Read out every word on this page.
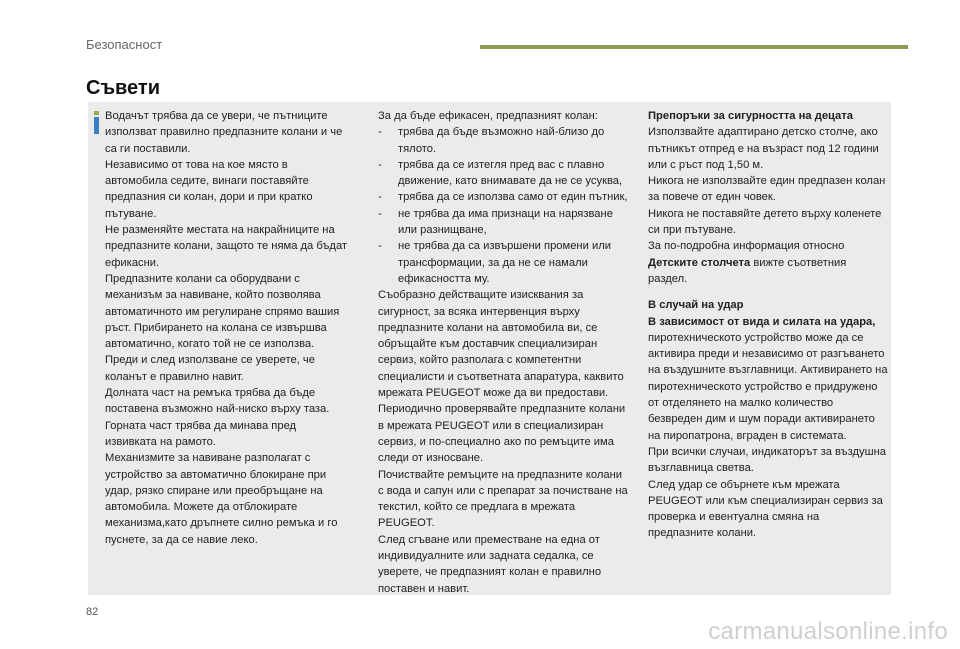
Безопасност
Съвети

Водачът трябва да се увери, че пътниците използват правилно предпазните колани и че са ги поставили.

Независимо от това на кое място в автомобила седите, винаги поставяйте предпазния си колан, дори и при кратко пътуване.

Не разменяйте местата на накрайниците на предпазните колани, защото те няма да бъдат ефикасни.

Предпазните колани са оборудвани с механизъм за навиване, който позволява автоматичното им регулиране спрямо вашия ръст. Прибирането на колана се извършва автоматично, когато той не се използва.

Преди и след използване се уверете, че коланът е правилно навит.

Долната част на ремъка трябва да бъде поставена възможно най-ниско върху таза.

Горната част трябва да минава пред извивката на рамото.

Механизмите за навиване разполагат с устройство за автоматично блокиране при удар, рязко спиране или преобръщане на автомобила. Можете да отблокирате механизма,като дръпнете силно ремъка и го пуснете, за да се навие леко.

За да бъде ефикасен, предпазният колан:

-	трябва да бъде възможно най-близо до тялото.
-	трябва да се изтегля пред вас с плавно движение, като внимавате да не се усуква,
-	трябва да се използва само от един пътник,
-	не трябва да има признаци на нарязване или разнищване,
-	не трябва да са извършени промени или трансформации, за да не се намали ефикасността му.

Съобразно действащите изисквания за сигурност, за всяка интервенция върху предпазните колани на автомобила ви, се обръщайте към доставчик специализиран сервиз, който разполага с компетентни специалисти и съответната апаратура, каквито мрежата PEUGEOT може да ви предостави.

Периодично проверявайте предпазните колани в мрежата PEUGEOT или в специализиран сервиз, и по-специално ако по ремъците има следи от износване.

Почиствайте ремъците на предпазните колани с вода и сапун или с препарат за почистване на текстил, който се предлага в мрежата PEUGEOT.

След сгъване или преместване на една от индивидуалните или задната седалка, се уверете, че предпазният колан е правилно поставен и навит.

Препоръки за сигурността на децата

Използвайте адаптирано детско столче, ако пътникът отпред е на възраст под 12 години или с ръст под 1,50 м.

Никога не използвайте един предпазен колан за повече от един човек.

Никога не поставяйте детето върху коленете си при пътуване.

За по-подробна информация относно Детските столчета вижте съответния раздел.

В случай на удар

В зависимост от вида и силата на удара, пиротехническото устройство може да се активира преди и независимо от разгъването на въздушните възглавници. Активирането на пиротехническото устройство е придружено от отделянето на малко количество безвреден дим и шум поради активирането на пиропатрона, вграден в системата.

При всички случаи, индикаторът за въздушна възглавница светва.

След удар се обърнете към мрежата PEUGEOT или към специализиран сервиз за проверка и евентуална смяна на предпазните колани.

82
carmanualsonline.info
